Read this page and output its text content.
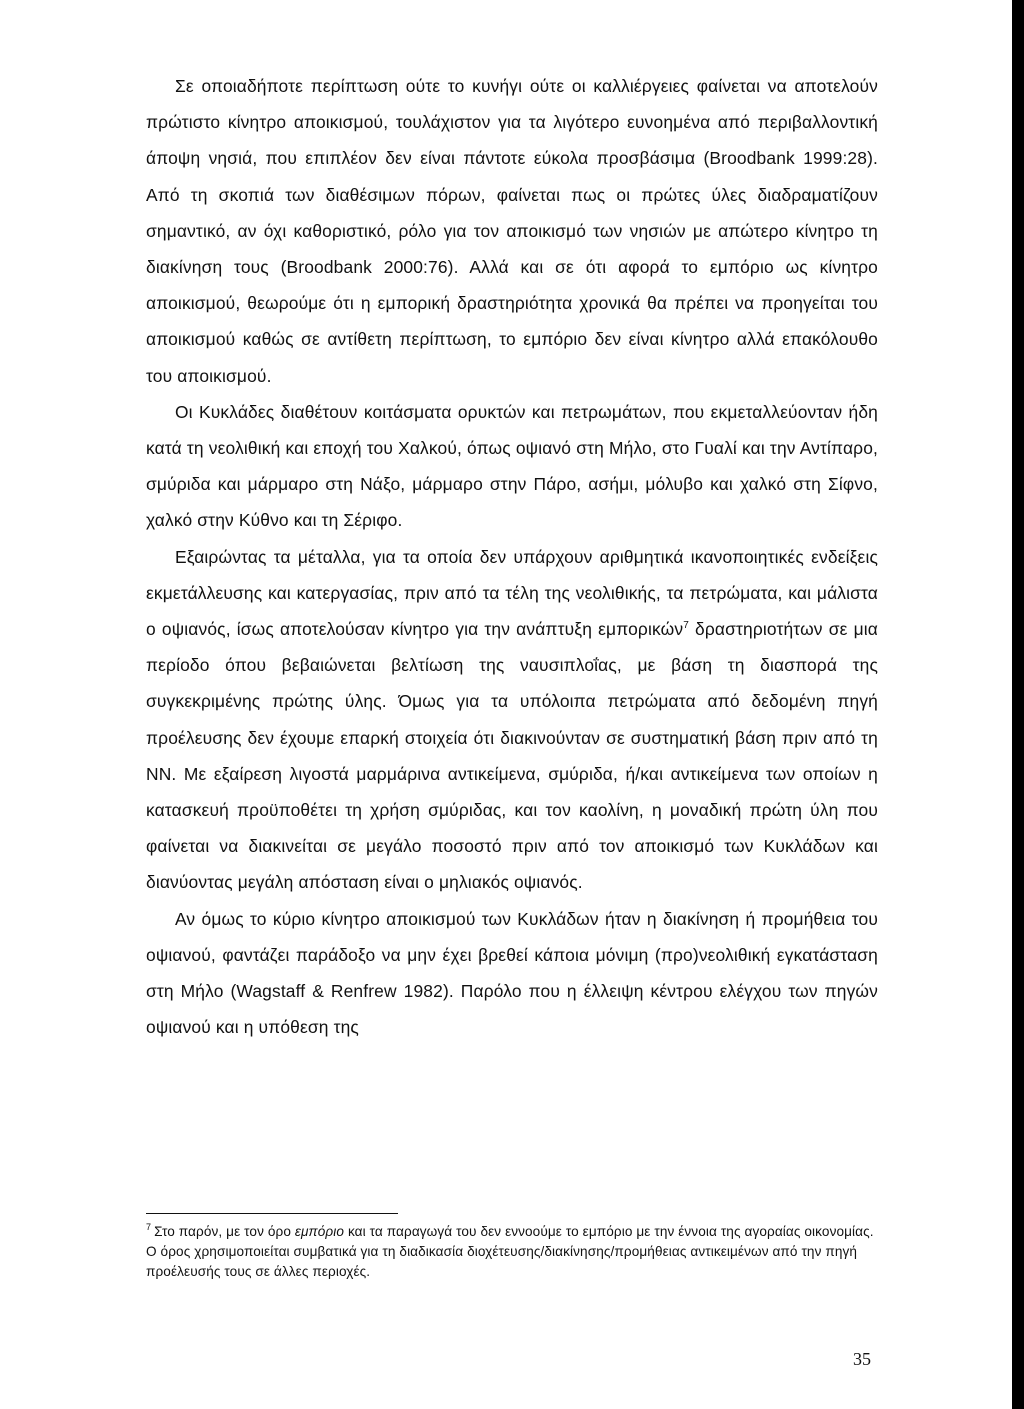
Σε οποιαδήποτε περίπτωση ούτε το κυνήγι ούτε οι καλλιέργειες φαίνεται να αποτελούν πρώτιστο κίνητρο αποικισμού, τουλάχιστον για τα λιγότερο ευνοημένα από περιβαλλοντική άποψη νησιά, που επιπλέον δεν είναι πάντοτε εύκολα προσβάσιμα (Broodbank 1999:28). Από τη σκοπιά των διαθέσιμων πόρων, φαίνεται πως οι πρώτες ύλες διαδραματίζουν σημαντικό, αν όχι καθοριστικό, ρόλο για τον αποικισμό των νησιών με απώτερο κίνητρο τη διακίνηση τους (Broodbank 2000:76). Αλλά και σε ότι αφορά το εμπόριο ως κίνητρο αποικισμού, θεωρούμε ότι η εμπορική δραστηριότητα χρονικά θα πρέπει να προηγείται του αποικισμού καθώς σε αντίθετη περίπτωση, το εμπόριο δεν είναι κίνητρο αλλά επακόλουθο του αποικισμού.

Οι Κυκλάδες διαθέτουν κοιτάσματα ορυκτών και πετρωμάτων, που εκμεταλλεύονταν ήδη κατά τη νεολιθική και εποχή του Χαλκού, όπως οψιανό στη Μήλο, στο Γυαλί και την Αντίπαρο, σμύριδα και μάρμαρο στη Νάξο, μάρμαρο στην Πάρο, ασήμι, μόλυβο και χαλκό στη Σίφνο, χαλκό στην Κύθνο και τη Σέριφο.

Εξαιρώντας τα μέταλλα, για τα οποία δεν υπάρχουν αριθμητικά ικανοποιητικές ενδείξεις εκμετάλλευσης και κατεργασίας, πριν από τα τέλη της νεολιθικής, τα πετρώματα, και μάλιστα ο οψιανός, ίσως αποτελούσαν κίνητρο για την ανάπτυξη εμπορικών$^7$ δραστηριοτήτων σε μια περίοδο όπου βεβαιώνεται βελτίωση της ναυσιπλοΐας, με βάση τη διασπορά της συγκεκριμένης πρώτης ύλης. Όμως για τα υπόλοιπα πετρώματα από δεδομένη πηγή προέλευσης δεν έχουμε επαρκή στοιχεία ότι διακινούνταν σε συστηματική βάση πριν από τη ΝΝ. Με εξαίρεση λιγοστά μαρμάρινα αντικείμενα, σμύριδα, ή/και αντικείμενα των οποίων η κατασκευή προϋποθέτει τη χρήση σμύριδας, και τον καολίνη, η μοναδική πρώτη ύλη που φαίνεται να διακινείται σε μεγάλο ποσοστό πριν από τον αποικισμό των Κυκλάδων και διανύοντας μεγάλη απόσταση είναι ο μηλιακός οψιανός.

Αν όμως το κύριο κίνητρο αποικισμού των Κυκλάδων ήταν η διακίνηση ή προμήθεια του οψιανού, φαντάζει παράδοξο να μην έχει βρεθεί κάποια μόνιμη (προ)νεολιθική εγκατάσταση στη Μήλο (Wagstaff & Renfrew 1982). Παρόλο που η έλλειψη κέντρου ελέγχου των πηγών οψιανού και η υπόθεση της

$^7$ Στο παρόν, με τον όρο εμπόριο και τα παραγωγά του δεν εννοούμε το εμπόριο με την έννοια της αγοραίας οικονομίας. Ο όρος χρησιμοποιείται συμβατικά για τη διαδικασία διοχέτευσης/διακίνησης/προμήθειας αντικειμένων από την πηγή προέλευσής τους σε άλλες περιοχές.
35
